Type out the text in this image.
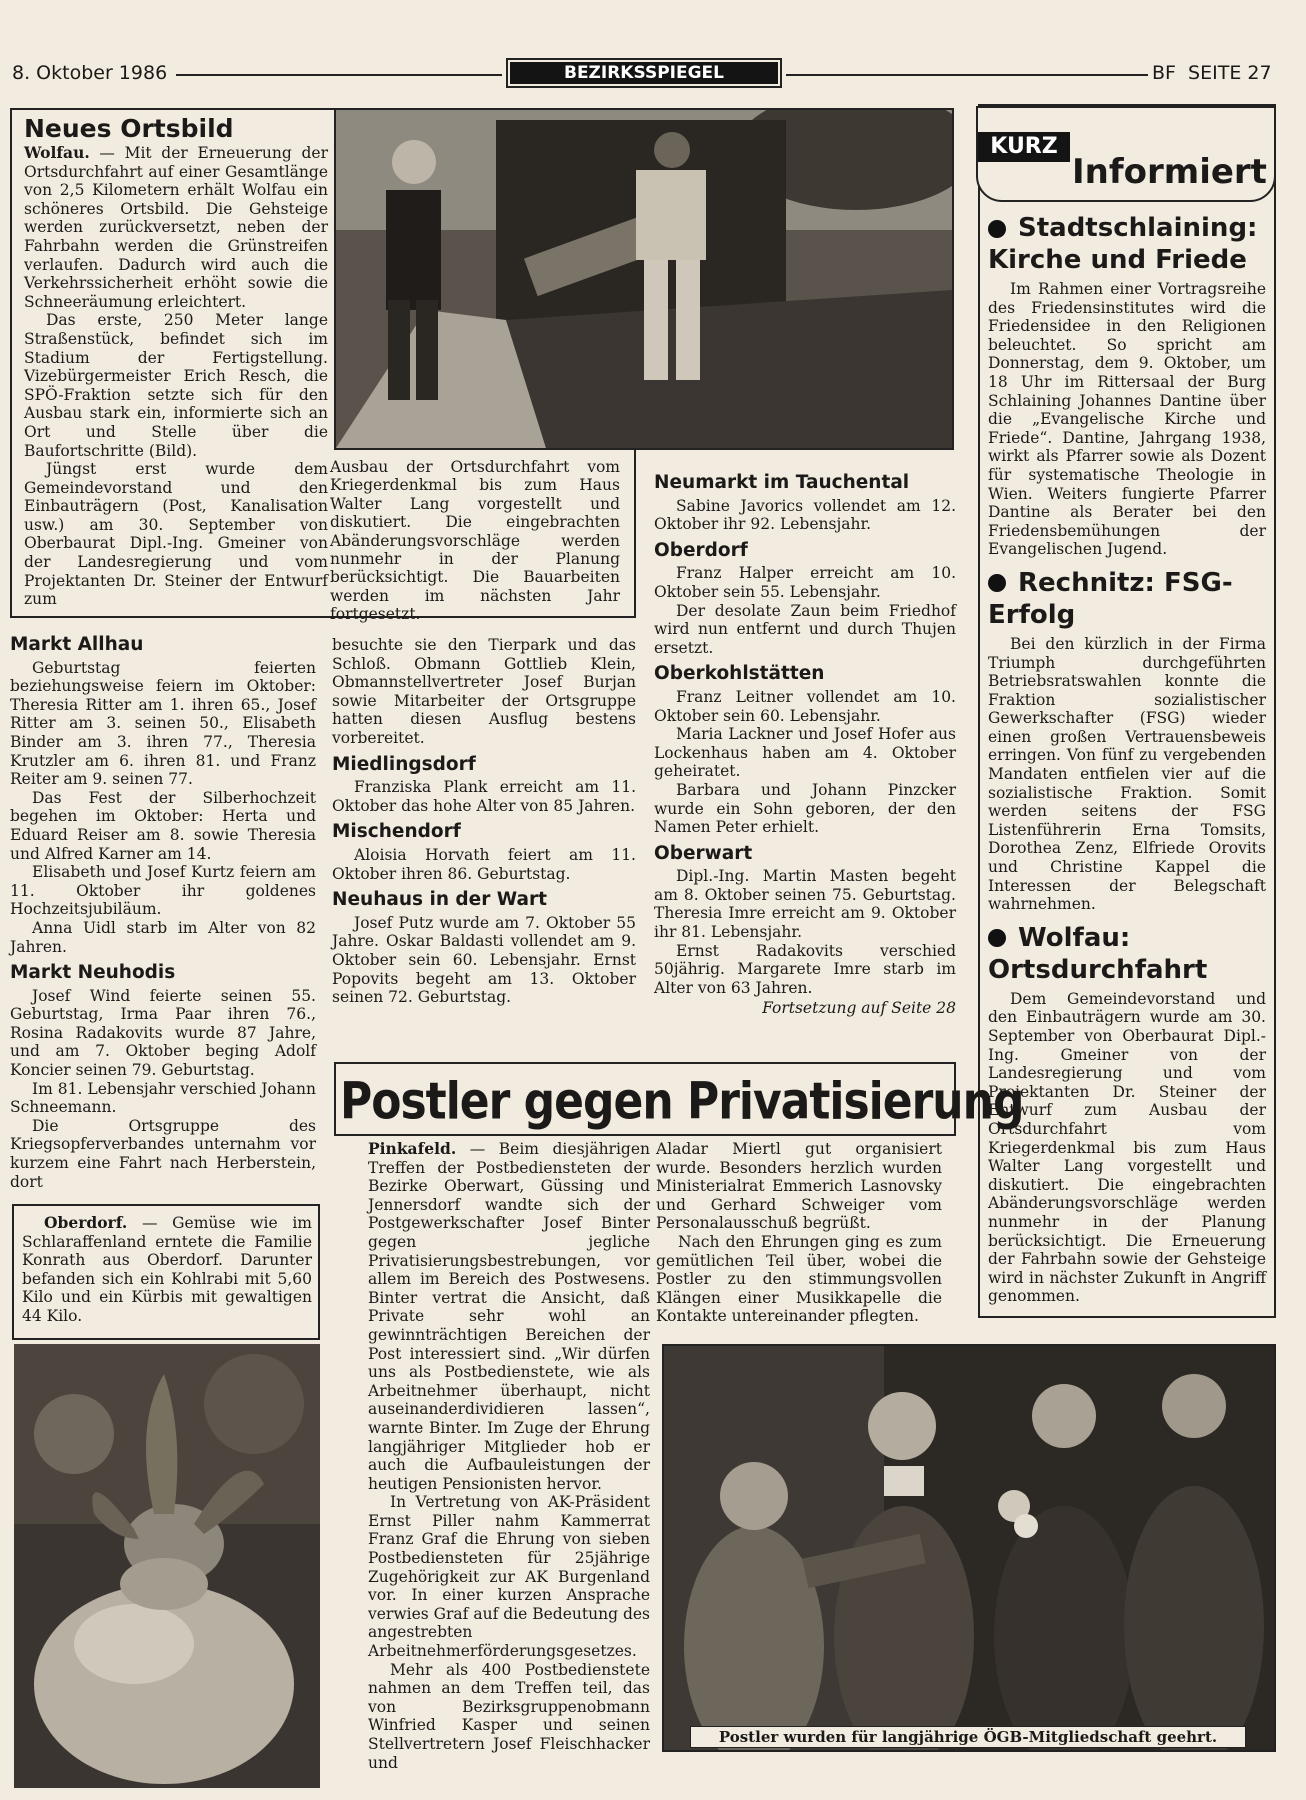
8. Oktober 1986	BEZIRKSSPIEGEL	BF  SEITE 27
Neues Ortsbild

Wolfau. — Mit der Erneuerung der Ortsdurchfahrt auf einer Gesamtlänge von 2,5 Kilometern erhält Wolfau ein schöneres Ortsbild. Die Gehsteige werden zurückversetzt, neben der Fahrbahn werden die Grünstreifen verlaufen. Dadurch wird auch die Verkehrssicherheit erhöht sowie die Schneeräumung erleichtert.

Das erste, 250 Meter lange Straßenstück, befindet sich im Stadium der Fertigstellung. Vizebürgermeister Erich Resch, die SPÖ-Fraktion setzte sich für den Ausbau stark ein, informierte sich an Ort und Stelle über die Baufortschritte (Bild).

Jüngst erst wurde dem Gemeindevorstand und den Einbauträgern (Post, Kanalisation usw.) am 30. September von Oberbaurat Dipl.-Ing. Gmeiner von der Landesregierung und vom Projektanten Dr. Steiner der Entwurf zum

Ausbau der Ortsdurchfahrt vom Kriegerdenkmal bis zum Haus Walter Lang vorgestellt und diskutiert. Die eingebrachten Abänderungsvorschläge werden nunmehr in der Planung berücksichtigt. Die Bauarbeiten werden im nächsten Jahr fortgesetzt.
Markt Allhau

Geburtstag feierten beziehungsweise feiern im Oktober: Theresia Ritter am 1. ihren 65., Josef Ritter am 3. seinen 50., Elisabeth Binder am 3. ihren 77., Theresia Krutzler am 6. ihren 81. und Franz Reiter am 9. seinen 77.

Das Fest der Silberhochzeit begehen im Oktober: Herta und Eduard Reiser am 8. sowie Theresia und Alfred Karner am 14.

Elisabeth und Josef Kurtz feiern am 11. Oktober ihr goldenes Hochzeitsjubiläum.

Anna Uidl starb im Alter von 82 Jahren.

Markt Neuhodis

Josef Wind feierte seinen 55. Geburtstag, Irma Paar ihren 76., Rosina Radakovits wurde 87 Jahre, und am 7. Oktober beging Adolf Koncier seinen 79. Geburtstag.

Im 81. Lebensjahr verschied Johann Schneemann.

Die Ortsgruppe des Kriegsopferverbandes unternahm vor kurzem eine Fahrt nach Herberstein, dort

besuchte sie den Tierpark und das Schloß. Obmann Gottlieb Klein, Obmannstellvertreter Josef Burjan sowie Mitarbeiter der Ortsgruppe hatten diesen Ausflug bestens vorbereitet.

Miedlingsdorf

Franziska Plank erreicht am 11. Oktober das hohe Alter von 85 Jahren.

Mischendorf

Aloisia Horvath feiert am 11. Oktober ihren 86. Geburtstag.

Neuhaus in der Wart

Josef Putz wurde am 7. Oktober 55 Jahre. Oskar Baldasti vollendet am 9. Oktober sein 60. Lebensjahr. Ernst Popovits begeht am 13. Oktober seinen 72. Geburtstag.

Neumarkt im Tauchental

Sabine Javorics vollendet am 12. Oktober ihr 92. Lebensjahr.

Oberdorf

Franz Halper erreicht am 10. Oktober sein 55. Lebensjahr.

Der desolate Zaun beim Friedhof wird nun entfernt und durch Thujen ersetzt.

Oberkohlstätten

Franz Leitner vollendet am 10. Oktober sein 60. Lebensjahr.

Maria Lackner und Josef Hofer aus Lockenhaus haben am 4. Oktober geheiratet.

Barbara und Johann Pinzcker wurde ein Sohn geboren, der den Namen Peter erhielt.

Oberwart

Dipl.-Ing. Martin Masten begeht am 8. Oktober seinen 75. Geburtstag. Theresia Imre erreicht am 9. Oktober ihr 81. Lebensjahr.

Ernst Radakovits verschied 50jährig. Margarete Imre starb im Alter von 63 Jahren.

Fortsetzung auf Seite 28
KURZ
Informiert
Stadtschlaining: Kirche und Friede

Im Rahmen einer Vortragsreihe des Friedensinstitutes wird die Friedensidee in den Religionen beleuchtet. So spricht am Donnerstag, dem 9. Oktober, um 18 Uhr im Rittersaal der Burg Schlaining Johannes Dantine über die „Evangelische Kirche und Friede“. Dantine, Jahrgang 1938, wirkt als Pfarrer sowie als Dozent für systematische Theologie in Wien. Weiters fungierte Pfarrer Dantine als Berater bei den Friedensbemühungen der Evangelischen Jugend.

Rechnitz: FSG-Erfolg

Bei den kürzlich in der Firma Triumph durchgeführten Betriebsratswahlen konnte die Fraktion sozialistischer Gewerkschafter (FSG) wieder einen großen Vertrauensbeweis erringen. Von fünf zu vergebenden Mandaten entfielen vier auf die sozialistische Fraktion. Somit werden seitens der FSG Listenführerin Erna Tomsits, Dorothea Zenz, Elfriede Orovits und Christine Kappel die Interessen der Belegschaft wahrnehmen.

Wolfau: Ortsdurchfahrt

Dem Gemeindevorstand und den Einbauträgern wurde am 30. September von Oberbaurat Dipl.-Ing. Gmeiner von der Landesregierung und vom Projektanten Dr. Steiner der Entwurf zum Ausbau der Ortsdurchfahrt vom Kriegerdenkmal bis zum Haus Walter Lang vorgestellt und diskutiert. Die eingebrachten Abänderungsvorschläge werden nunmehr in der Planung berücksichtigt. Die Erneuerung der Fahrbahn sowie der Gehsteige wird in nächster Zukunft in Angriff genommen.

Oberdorf. — Gemüse wie im Schlaraffenland erntete die Familie Konrath aus Oberdorf. Darunter befanden sich ein Kohlrabi mit 5,60 Kilo und ein Kürbis mit gewaltigen 44 Kilo.

Postler gegen Privatisierung

Pinkafeld. — Beim diesjährigen Treffen der Postbediensteten der Bezirke Oberwart, Güssing und Jennersdorf wandte sich der Postgewerkschafter Josef Binter gegen jegliche Privatisierungsbestrebungen, vor allem im Bereich des Postwesens. Binter vertrat die Ansicht, daß Private sehr wohl an gewinnträchtigen Bereichen der Post interessiert sind. „Wir dürfen uns als Postbedienstete, wie als Arbeitnehmer überhaupt, nicht auseinanderdividieren lassen“, warnte Binter. Im Zuge der Ehrung langjähriger Mitglieder hob er auch die Aufbauleistungen der heutigen Pensionisten hervor.

In Vertretung von AK-Präsident Ernst Piller nahm Kammerrat Franz Graf die Ehrung von sieben Postbediensteten für 25jährige Zugehörigkeit zur AK Burgenland vor. In einer kurzen Ansprache verwies Graf auf die Bedeutung des angestrebten Arbeitnehmerförderungsgesetzes.

Mehr als 400 Postbedienstete nahmen an dem Treffen teil, das von Bezirksgruppenobmann Winfried Kasper und seinen Stellvertretern Josef Fleischhacker und

Aladar Miertl gut organisiert wurde. Besonders herzlich wurden Ministerialrat Emmerich Lasnovsky und Gerhard Schweiger vom Personalausschuß begrüßt.

Nach den Ehrungen ging es zum gemütlichen Teil über, wobei die Postler zu den stimmungsvollen Klängen einer Musikkapelle die Kontakte untereinander pflegten.

Postler wurden für langjährige ÖGB-Mitgliedschaft geehrt.
